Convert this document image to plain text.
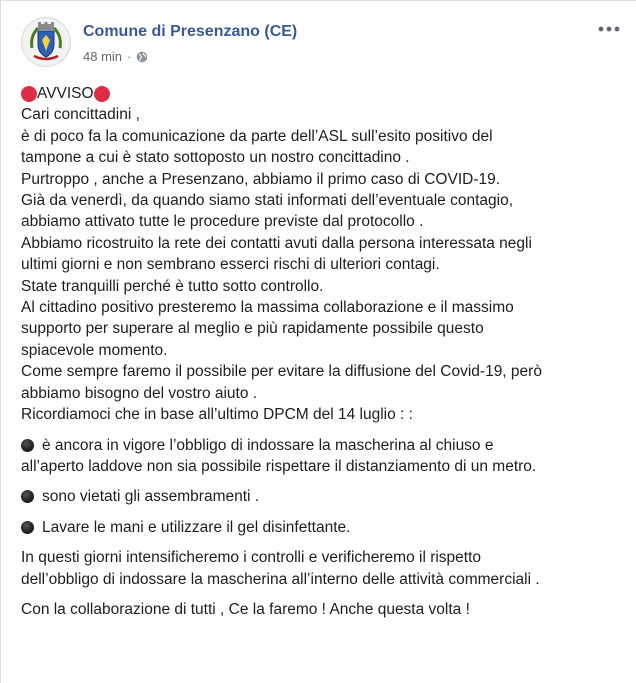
Comune di Presenzano (CE)
48 min ·

AVVISO

Cari concittadini ,

è di poco fa la comunicazione da parte dell’ASL sull’esito positivo del

tampone a cui è stato sottoposto un nostro concittadino .

Purtroppo , anche a Presenzano, abbiamo il primo caso di COVID-19.

Già da venerdì, da quando siamo stati informati dell’eventuale contagio,

abbiamo attivato tutte le procedure previste dal protocollo .

Abbiamo ricostruito la rete dei contatti avuti dalla persona interessata negli

ultimi giorni e non sembrano esserci rischi di ulteriori contagi.

State tranquilli perché è tutto sotto controllo.

Al cittadino positivo presteremo la massima collaborazione e il massimo

supporto per superare al meglio e più rapidamente possibile questo

spiacevole momento.

Come sempre faremo il possibile per evitare la diffusione del Covid-19, però

abbiamo bisogno del vostro aiuto .

Ricordiamoci che in base all’ultimo DPCM del 14 luglio : :

è ancora in vigore l’obbligo di indossare la mascherina al chiuso e

all’aperto laddove non sia possibile rispettare il distanziamento di un metro.

sono vietati gli assembramenti .

Lavare le mani e utilizzare il gel disinfettante.

In questi giorni intensificheremo i controlli e verificheremo il rispetto

dell’obbligo di indossare la mascherina all’interno delle attività commerciali .

Con la collaborazione di tutti , Ce la faremo ! Anche questa volta !
